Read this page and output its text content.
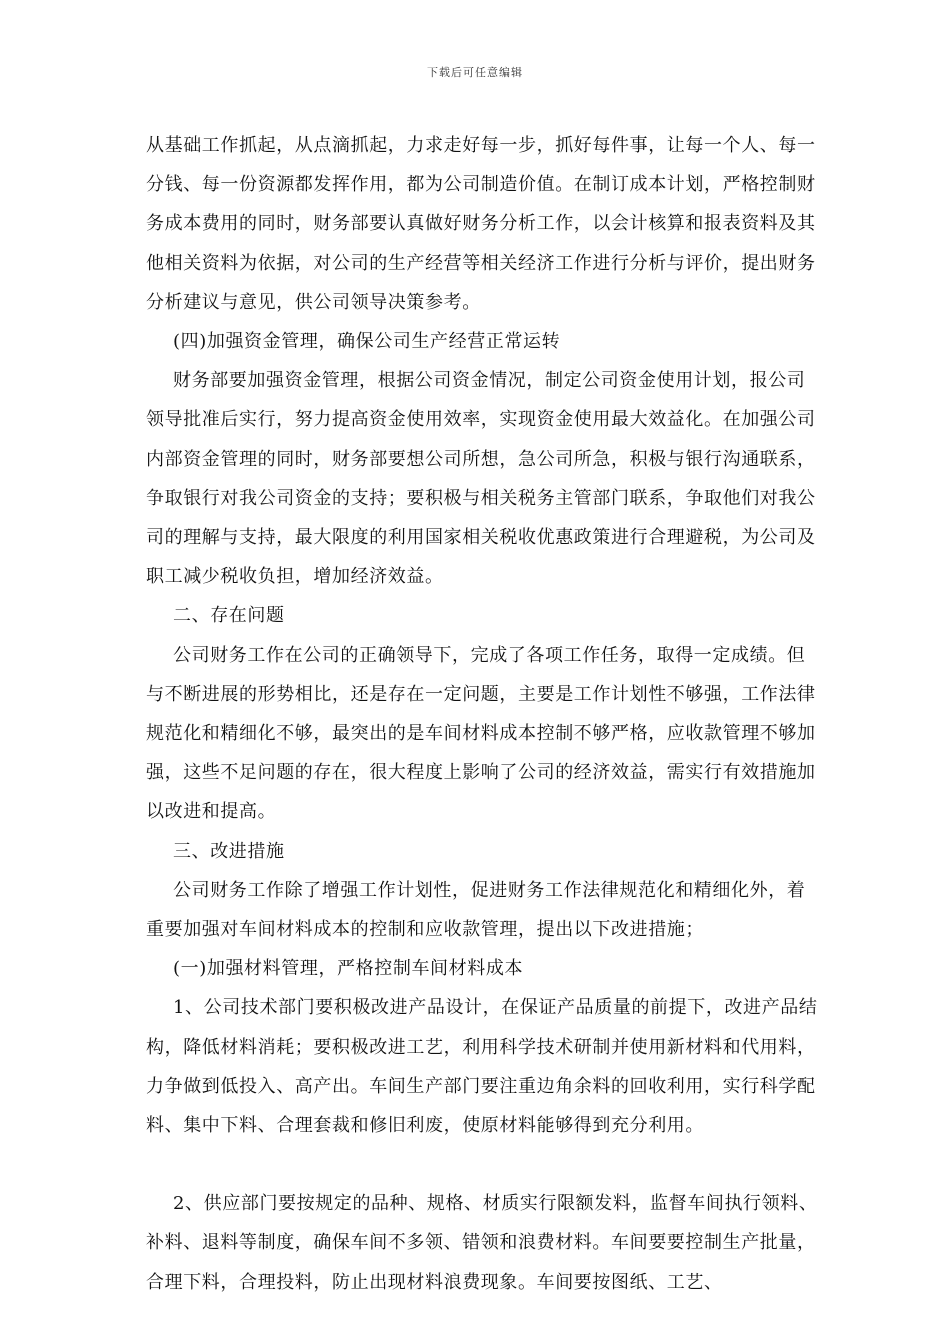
下载后可任意编辑

从基础工作抓起，从点滴抓起，力求走好每一步，抓好每件事，让每一个人、每一分钱、每一份资源都发挥作用，都为公司制造价值。在制订成本计划，严格控制财务成本费用的同时，财务部要认真做好财务分析工作，以会计核算和报表资料及其他相关资料为依据，对公司的生产经营等相关经济工作进行分析与评价，提出财务分析建议与意见，供公司领导决策参考。

(四)加强资金管理，确保公司生产经营正常运转

财务部要加强资金管理，根据公司资金情况，制定公司资金使用计划，报公司领导批准后实行，努力提高资金使用效率，实现资金使用最大效益化。在加强公司内部资金管理的同时，财务部要想公司所想，急公司所急，积极与银行沟通联系，争取银行对我公司资金的支持；要积极与相关税务主管部门联系，争取他们对我公司的理解与支持，最大限度的利用国家相关税收优惠政策进行合理避税，为公司及职工减少税收负担，增加经济效益。

二、存在问题

公司财务工作在公司的正确领导下，完成了各项工作任务，取得一定成绩。但与不断进展的形势相比，还是存在一定问题，主要是工作计划性不够强，工作法律规范化和精细化不够，最突出的是车间材料成本控制不够严格，应收款管理不够加强，这些不足问题的存在，很大程度上影响了公司的经济效益，需实行有效措施加以改进和提高。

三、改进措施

公司财务工作除了增强工作计划性，促进财务工作法律规范化和精细化外，着重要加强对车间材料成本的控制和应收款管理，提出以下改进措施；

(一)加强材料管理，严格控制车间材料成本

1、公司技术部门要积极改进产品设计，在保证产品质量的前提下，改进产品结构，降低材料消耗；要积极改进工艺，利用科学技术研制并使用新材料和代用料，力争做到低投入、高产出。车间生产部门要注重边角余料的回收利用，实行科学配料、集中下料、合理套裁和修旧利废，使原材料能够得到充分利用。

2、供应部门要按规定的品种、规格、材质实行限额发料，监督车间执行领料、补料、退料等制度，确保车间不多领、错领和浪费材料。车间要要控制生产批量，合理下料，合理投料，防止出现材料浪费现象。车间要按图纸、工艺、
